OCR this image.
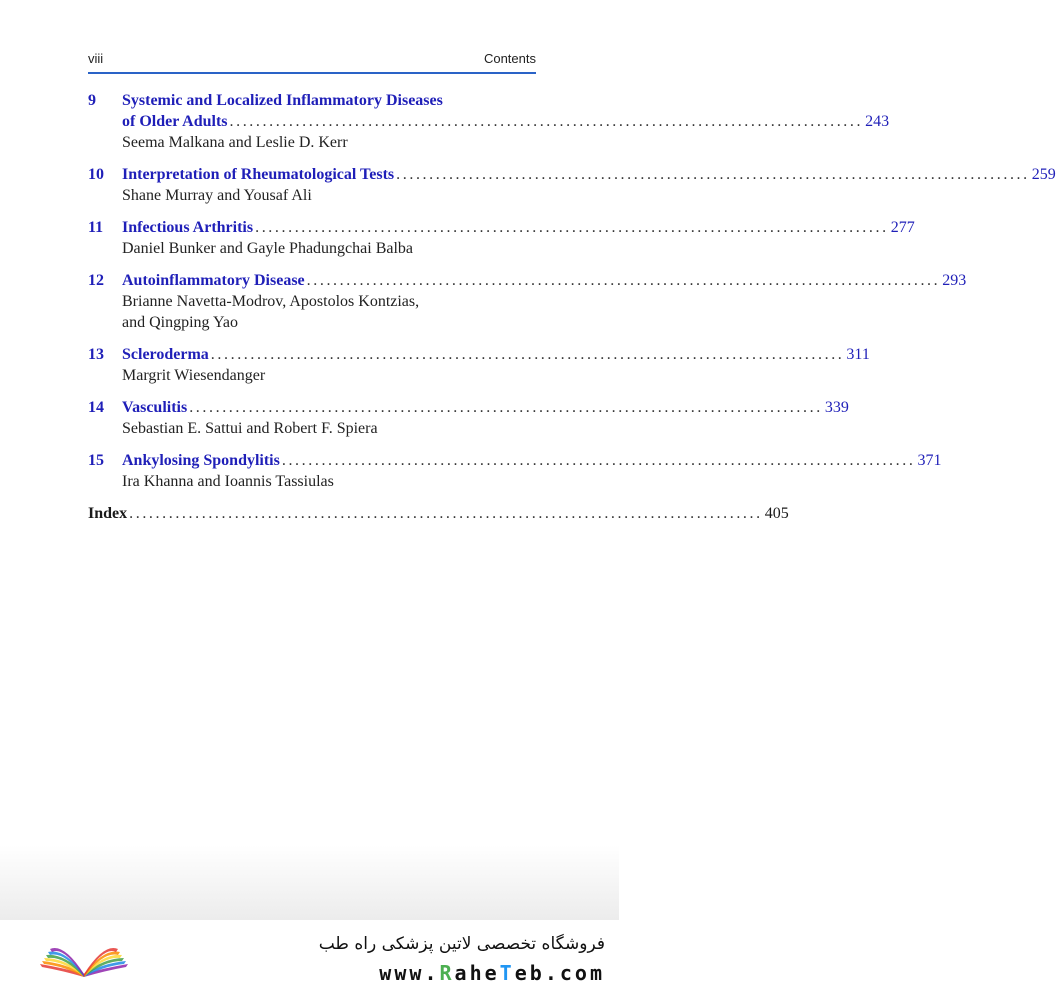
viii	Contents
9	Systemic and Localized Inflammatory Diseases
of Older Adults ................................................................................................ 243
Seema Malkana and Leslie D. Kerr
10	Interpretation of Rheumatological Tests ................................................................................................ 259
Shane Murray and Yousaf Ali
11	Infectious Arthritis ................................................................................................ 277
Daniel Bunker and Gayle Phadungchai Balba
12	Autoinflammatory Disease ................................................................................................ 293
Brianne Navetta-Modrov, Apostolos Kontzias,
and Qingping Yao
13	Scleroderma ................................................................................................ 311
Margrit Wiesendanger
14	Vasculitis ................................................................................................ 339
Sebastian E. Sattui and Robert F. Spiera
15	Ankylosing Spondylitis ................................................................................................ 371
Ira Khanna and Ioannis Tassiulas
Index ................................................................................................ 405
فروشگاه تخصصی لاتین پزشکی راه طب
www.RaheTeb.com
